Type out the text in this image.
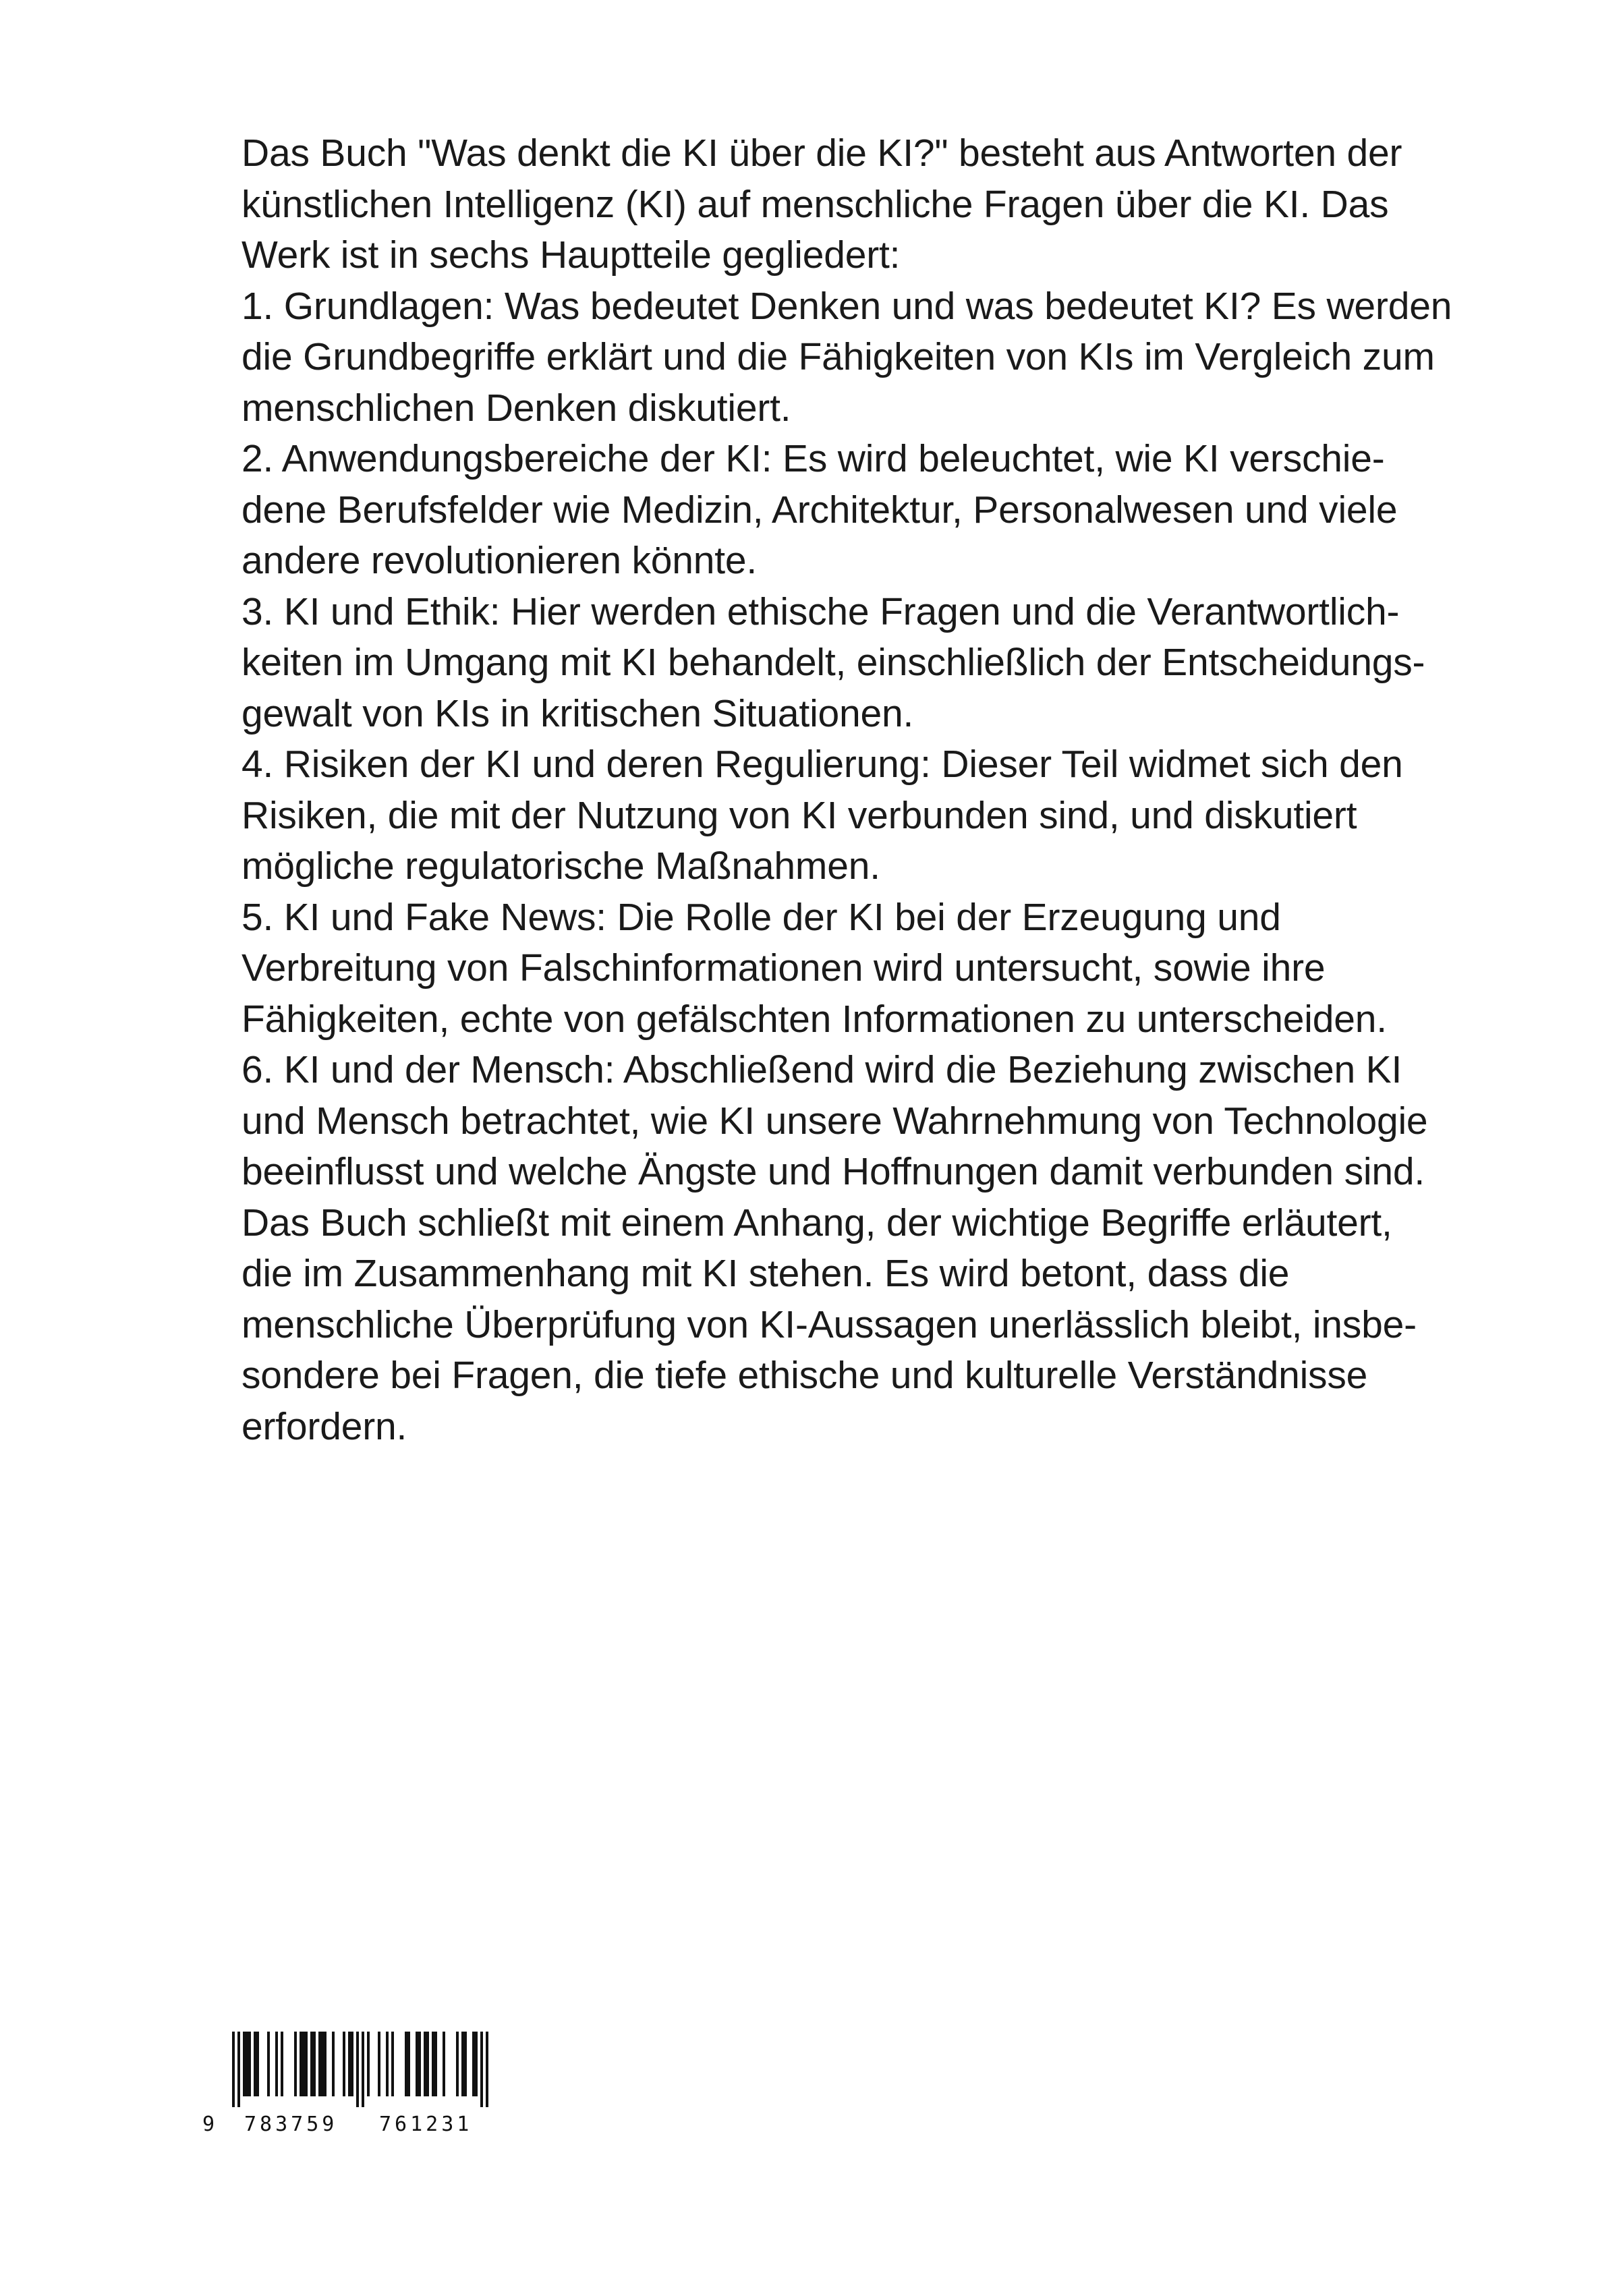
Das Buch "Was denkt die KI über die KI?" besteht aus Antworten der
künstlichen Intelligenz (KI) auf menschliche Fragen über die KI. Das
Werk ist in sechs Hauptteile gegliedert:
1. Grundlagen: Was bedeutet Denken und was bedeutet KI? Es werden
die Grundbegriffe erklärt und die Fähigkeiten von KIs im Vergleich zum
menschlichen Denken diskutiert.
2. Anwendungsbereiche der KI: Es wird beleuchtet, wie KI verschie-
dene Berufsfelder wie Medizin, Architektur, Personalwesen und viele
andere revolutionieren könnte.
3. KI und Ethik: Hier werden ethische Fragen und die Verantwortlich-
keiten im Umgang mit KI behandelt, einschließlich der Entscheidungs-
gewalt von KIs in kritischen Situationen.
4. Risiken der KI und deren Regulierung: Dieser Teil widmet sich den
Risiken, die mit der Nutzung von KI verbunden sind, und diskutiert
mögliche regulatorische Maßnahmen.
5. KI und Fake News: Die Rolle der KI bei der Erzeugung und
Verbreitung von Falschinformationen wird untersucht, sowie ihre
Fähigkeiten, echte von gefälschten Informationen zu unterscheiden.
6. KI und der Mensch: Abschließend wird die Beziehung zwischen KI
und Mensch betrachtet, wie KI unsere Wahrnehmung von Technologie
beeinflusst und welche Ängste und Hoffnungen damit verbunden sind.
Das Buch schließt mit einem Anhang, der wichtige Begriffe erläutert,
die im Zusammenhang mit KI stehen. Es wird betont, dass die
menschliche Überprüfung von KI-Aussagen unerlässlich bleibt, insbe-
sondere bei Fragen, die tiefe ethische und kulturelle Verständnisse
erfordern.
9 783759 761231
